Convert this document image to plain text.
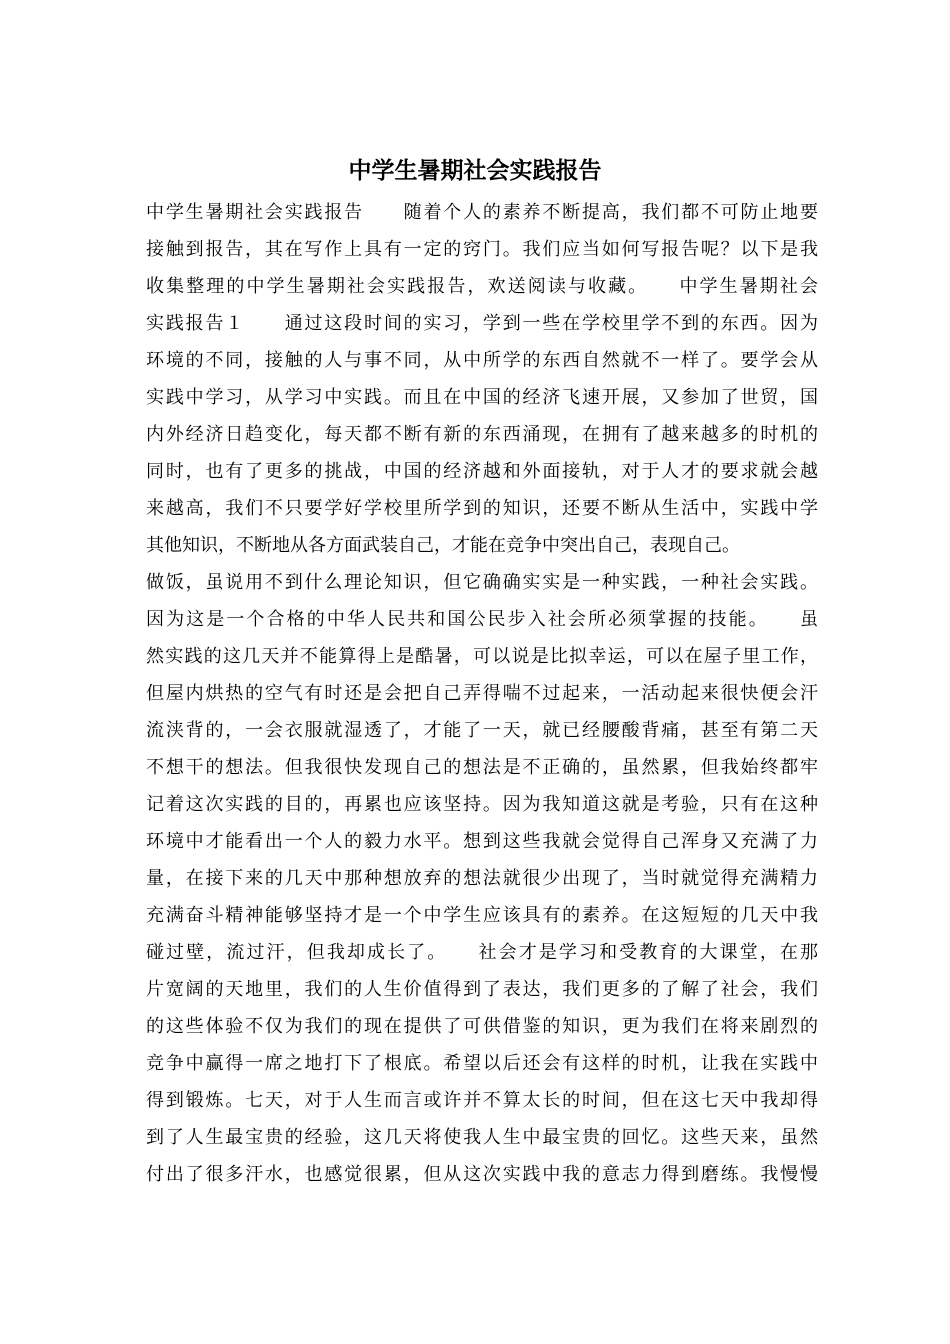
中学生暑期社会实践报告
中学生暑期社会实践报告　　随着个人的素养不断提高，我们都不可防止地要
接触到报告，其在写作上具有一定的窍门。我们应当如何写报告呢？以下是我
收集整理的中学生暑期社会实践报告，欢送阅读与收藏。　　中学生暑期社会
实践报告１　　通过这段时间的实习，学到一些在学校里学不到的东西。因为
环境的不同，接触的人与事不同，从中所学的东西自然就不一样了。要学会从
实践中学习，从学习中实践。而且在中国的经济飞速开展，又参加了世贸，国
内外经济日趋变化，每天都不断有新的东西涌现，在拥有了越来越多的时机的
同时，也有了更多的挑战，中国的经济越和外面接轨，对于人才的要求就会越
来越高，我们不只要学好学校里所学到的知识，还要不断从生活中，实践中学
其他知识，不断地从各方面武装自己，才能在竞争中突出自己，表现自己。
做饭，虽说用不到什么理论知识，但它确确实实是一种实践，一种社会实践。
因为这是一个合格的中华人民共和国公民步入社会所必须掌握的技能。　　虽
然实践的这几天并不能算得上是酷暑，可以说是比拟幸运，可以在屋子里工作，
但屋内烘热的空气有时还是会把自己弄得喘不过起来，一活动起来很快便会汗
流浃背的，一会衣服就湿透了，才能了一天，就已经腰酸背痛，甚至有第二天
不想干的想法。但我很快发现自己的想法是不正确的，虽然累，但我始终都牢
记着这次实践的目的，再累也应该坚持。因为我知道这就是考验，只有在这种
环境中才能看出一个人的毅力水平。想到这些我就会觉得自己浑身又充满了力
量，在接下来的几天中那种想放弃的想法就很少出现了，当时就觉得充满精力
充满奋斗精神能够坚持才是一个中学生应该具有的素养。在这短短的几天中我
碰过壁，流过汗，但我却成长了。　　社会才是学习和受教育的大课堂，在那
片宽阔的天地里，我们的人生价值得到了表达，我们更多的了解了社会，我们
的这些体验不仅为我们的现在提供了可供借鉴的知识，更为我们在将来剧烈的
竞争中赢得一席之地打下了根底。希望以后还会有这样的时机，让我在实践中
得到锻炼。七天，对于人生而言或许并不算太长的时间，但在这七天中我却得
到了人生最宝贵的经验，这几天将使我人生中最宝贵的回忆。这些天来，虽然
付出了很多汗水，也感觉很累，但从这次实践中我的意志力得到磨练。我慢慢
